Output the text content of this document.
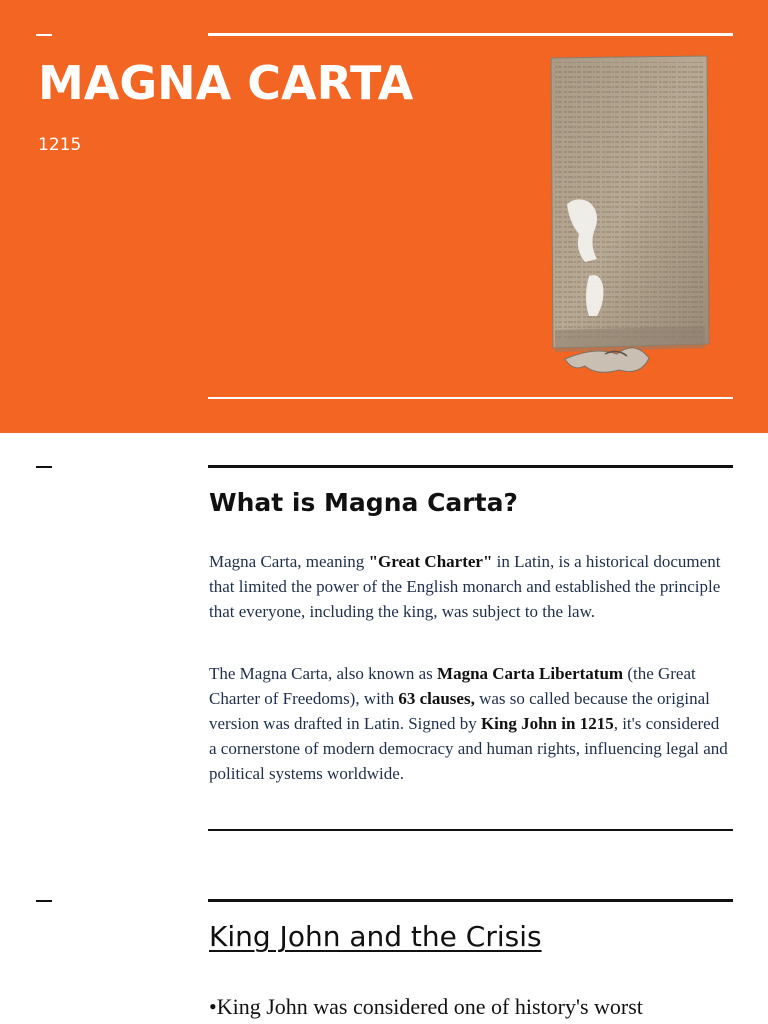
MAGNA CARTA
1215
What is Magna Carta?

Magna Carta, meaning "Great Charter" in Latin, is a historical document that limited the power of the English monarch and established the principle that everyone, including the king, was subject to the law.

The Magna Carta, also known as Magna Carta Libertatum (the Great Charter of Freedoms), with 63 clauses, was so called because the original version was drafted in Latin. Signed by King John in 1215, it's considered a cornerstone of modern democracy and human rights, influencing legal and political systems worldwide.

King John and the Crisis
•King John was considered one of history's worst
